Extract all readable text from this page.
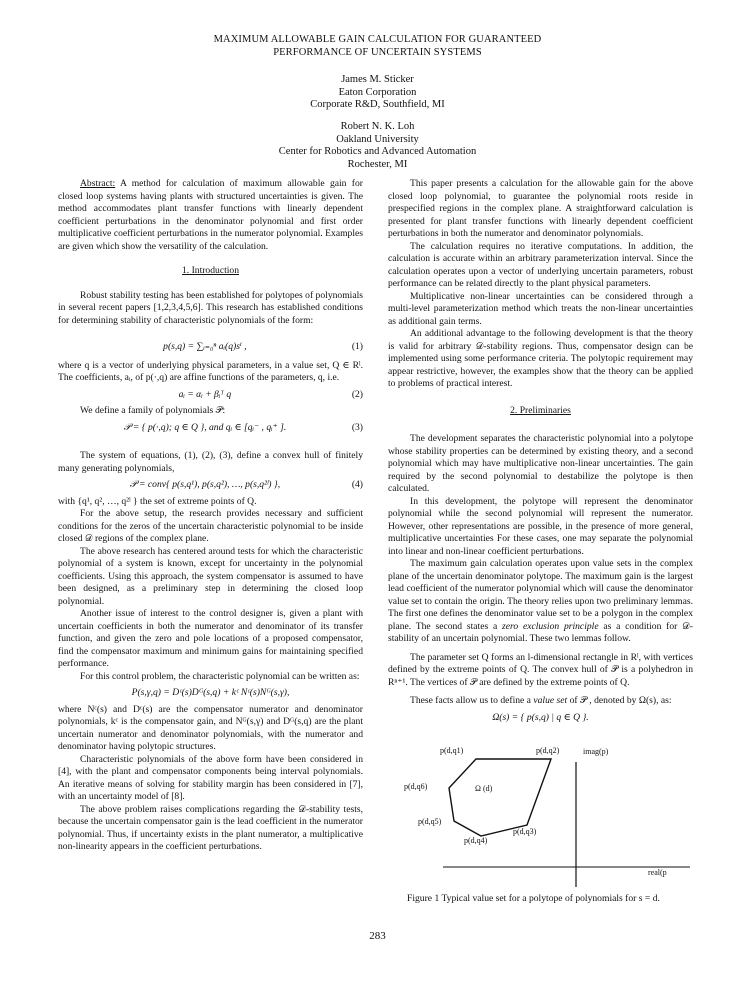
MAXIMUM ALLOWABLE GAIN CALCULATION FOR GUARANTEED
PERFORMANCE OF UNCERTAIN SYSTEMS
James M. Sticker
Eaton Corporation
Corporate R&D, Southfield, MI
Robert N. K. Loh
Oakland University
Center for Robotics and Advanced Automation
Rochester, MI

Abstract: A method for calculation of maximum allowable gain for closed loop systems having plants with structured uncertainties is given. The method accommodates plant transfer functions with linearly dependent coefficient perturbations in the denominator polynomial and first order multiplicative coefficient perturbations in the numerator polynomial. Examples are given which show the versatility of the calculation.

1. Introduction

Robust stability testing has been established for polytopes of polynomials in several recent papers [1,2,3,4,5,6]. This research has established conditions for determining stability of characteristic polynomials of the form:

p(s,q) = ∑ᵢ₌₀ⁿ aᵢ(q)sⁱ ,	(1)

where q is a vector of underlying physical parameters, in a value set, Q ∈ Rˡ. The coefficients, aᵢ, of p(·,q) are affine functions of the parameters, q, i.e.

aᵢ = αᵢ + βᵢᵀ q	(2)

We define a family of polynomials 𝒫:

𝒫 = { p(·,q); q ∈ Q }, and qᵢ ∈ [qᵢ⁻ , qᵢ⁺ ].	(3)

The system of equations, (1), (2), (3), define a convex hull of finitely many generating polynomials,

𝒫 = conv{ p(s,q¹), p(s,q²), …, p(s,q²ˡ) },	(4)

with {q¹, q², …, q²ˡ } the set of extreme points of Q.

For the above setup, the research provides necessary and sufficient conditions for the zeros of the uncertain characteristic polynomial to be inside closed 𝒟 regions of the complex plane.

The above research has centered around tests for which the characteristic polynomial of a system is known, except for uncertainty in the polynomial coefficients. Using this approach, the system compensator is assumed to have been designed, as a preliminary step in determining the closed loop polynomial.

Another issue of interest to the control designer is, given a plant with uncertain coefficients in both the numerator and denominator of its transfer function, and given the zero and pole locations of a proposed compensator, find the compensator maximum and minimum gains for maintaining specified performance.

For this control problem, the characteristic polynomial can be written as:

P(s,γ,q) = Dᶜ(s)Dᴳ(s,q) + kᶜ Nᶜ(s)Nᴳ(s,γ),

where Nᶜ(s) and Dᶜ(s) are the compensator numerator and denominator polynomials, kᶜ is the compensator gain, and Nᴳ(s,γ) and Dᴳ(s,q) are the plant uncertain numerator and denominator polynomials, with the numerator and denominator having polytopic structures.

Characteristic polynomials of the above form have been considered in [4], with the plant and compensator components being interval polynomials. An iterative means of solving for stability margin has been considered in [7], with an uncertainty model of [8].

The above problem raises complications regarding the 𝒟-stability tests, because the uncertain compensator gain is the lead coefficient in the numerator polynomial. Thus, if uncertainty exists in the plant numerator, a multiplicative non-linearity appears in the coefficient perturbations.

This paper presents a calculation for the allowable gain for the above closed loop polynomial, to guarantee the polynomial roots reside in prespecified regions in the complex plane. A straightforward calculation is presented for plant transfer functions with linearly dependent coefficient perturbations in both the numerator and denominator polynomials.

The calculation requires no iterative computations. In addition, the calculation is accurate within an arbitrary parameterization interval. Since the calculation operates upon a vector of underlying uncertain parameters, robust performance can be related directly to the plant physical parameters.

Multiplicative non-linear uncertainties can be considered through a multi-level parameterization method which treats the non-linear uncertainties as additional gain terms.

An additional advantage to the following development is that the theory is valid for arbitrary 𝒟-stability regions. Thus, compensator design can be implemented using some performance criteria. The polytopic requirement may appear restrictive, however, the examples show that the theory can be applied to problems of practical interest.

2. Preliminaries

The development separates the characteristic polynomial into a polytope whose stability properties can be determined by existing theory, and a second polynomial which may have multiplicative non-linear uncertainties. The gain required by the second polynomial to destabilize the polytope is then calculated.

In this development, the polytope will represent the denominator polynomial while the second polynomial will represent the numerator. However, other representations are possible, in the presence of more general, multiplicative uncertainties For these cases, one may separate the polynomial into linear and non-linear coefficient perturbations.

The maximum gain calculation operates upon value sets in the complex plane of the uncertain denominator polytope. The maximum gain is the largest lead coefficient of the numerator polynomial which will cause the denominator value set to contain the origin. The theory relies upon two preliminary lemmas. The first one defines the denominator value set to be a polygon in the complex plane. The second states a zero exclusion principle as a condition for 𝒟-stability of an uncertain polynomial. These two lemmas follow.

The parameter set Q forms an l-dimensional rectangle in Rˡ, with vertices defined by the extreme points of Q. The convex hull of 𝒫 is a polyhedron in Rⁿ⁺¹. The vertices of 𝒫 are defined by the extreme points of Q.

These facts allow us to define a value set of 𝒫 , denoted by Ω(s), as:

Ω(s) = { p(s,q) | q ∈ Q }.
p(d,q1)	p(d,q2)
p(d,q6)
p(d,q5)
p(d,q3)
p(d,q4)
Ω (d)
imag(p)
real(p
Figure 1 Typical value set for a polytope of polynomials for s = d.
283
